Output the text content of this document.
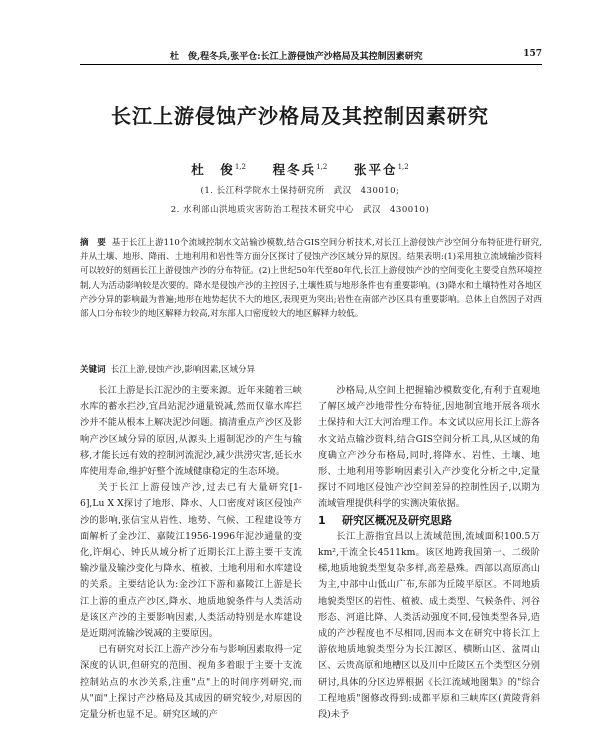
杜　俊,程冬兵,张平仓:长江上游侵蚀产沙格局及其控制因素研究	157
长江上游侵蚀产沙格局及其控制因素研究
杜　俊$^{1,2}$ 程冬兵$^{1,2}$ 张平仓$^{1,2}$
(1. 长江科学院水土保持研究所　武汉　430010;
2. 水利部山洪地质灾害防治工程技术研究中心　武汉　430010)
摘　要 基于长江上游110个流域控制水文站输沙模数,结合GIS空间分析技术,对长江上游侵蚀产沙空间分布特征进行研究,并从土壤、地形、降雨、土地利用和岩性等方面分区探讨了侵蚀产沙区域分异的原因。结果表明:(1)采用独立流域输沙资料可以较好的刻画长江上游侵蚀产沙的分布特征。(2)上世纪50年代至80年代,长江上游侵蚀产沙的空间变化主要受自然环境控制,人为活动影响较是次要的。降水是侵蚀产沙的主控因子,土壤性质与地形条件也有重要影响。(3)降水和土壤特性对各地区产沙分异的影响最为普遍;地形在地势起伏不大的地区,表现更为突出;岩性在南部产沙区具有重要影响。总体上自然因子对西部人口分布较少的地区解释力较高,对东部人口密度较大的地区解释力较低。
关键词 长江上游,侵蚀产沙,影响因素,区域分异

长江上游是长江泥沙的主要来源。近年来随着三峡水库的蓄水拦沙,宜昌站泥沙通量锐减,然而仅靠水库拦沙并不能从根本上解决泥沙问题。搞清重点产沙区及影响产沙区域分异的原因,从源头上遏制泥沙的产生与输移,才能长远有效的控制河流泥沙,减少洪涝灾害,延长水库使用寿命,维护好整个流域健康稳定的生态环境。

关于长江上游侵蚀产沙,过去已有大量研究[1-6],Lu X X探讨了地形、降水、人口密度对该区侵蚀产沙的影响,张信宝从岩性、地势、气候、工程建设等方面解析了金沙江、嘉陵江1956-1996年泥沙通量的变化,许炯心、钟氏从域分析了近期长江上游主要干支流输沙量及输沙变化与降水、植被、土地利用和水库建设的关系。主要结论认为:金沙江下游和嘉陵江上游是长江上游的重点产沙区,降水、地质地貌条件与人类活动是该区产沙的主要影响因素,人类活动特别是水库建设是近期河流输沙锐减的主要原因。

已有研究对长江上游产沙分布与影响因素取得一定深度的认识,但研究的范围、视角多着眼于主要十支流控制站点的水沙关系,注重"点"上的时间序列研究,而从"面"上探讨产沙格局及其成因的研究较少,对原因的定量分析也显不足。研究区域的产

沙格局,从空间上把握输沙模数变化,有利于直观地了解区域产沙地带性分布特征,因地制宜地开展各项水土保持和大江大河治理工作。本文试以应用长江上游各水文站点输沙资料,结合GIS空间分析工具,从区域的角度确立产沙分布格局,同时,将降水、岩性、土壤、地形、土地利用等影响因素引入产沙变化分析之中,定量探讨不同地区侵蚀产沙空间差异的控制性因子,以期为流域管理提供科学的实测决策依据。

1 研究区概况及研究思路

长江上游指宜昌以上流域范围,流域面积100.5万km²,干流全长4511km。该区地跨我国第一、二级阶梯,地质地貌类型复杂多样,高差悬殊。西部以高原高山为主,中部中山低山广布,东部为丘陵平原区。不同地质地貌类型区的岩性、植被、成土类型、气候条件、河谷形态、河道比降、人类活动强度不同,侵蚀类型各异,造成的产沙程度也不尽相同,因而本文在研究中将长江上游依地质地貌类型分为长江源区、横断山区、盆周山区、云贵高原和地槽区以及川中丘陵区五个类型区分别研讨,具体的分区边界根据《长江流域地图集》的"综合工程地质"图修改得到:成都平原和三峡库区(黄陵背斜段)未予
